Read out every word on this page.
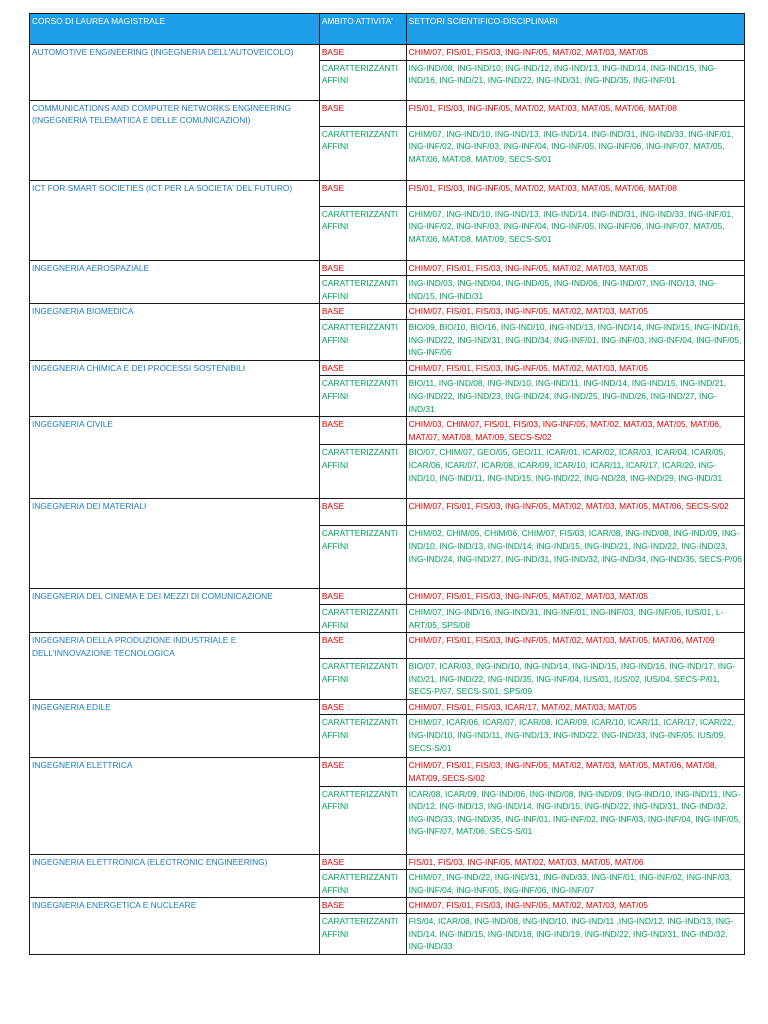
CORSO DI LAUREA MAGISTRALE	AMBITO ATTIVITA'	SETTORI SCIENTIFICO-DISCIPLINARI
AUTOMOTIVE ENGINEERING (INGEGNERIA DELL'AUTOVEICOLO)	BASE	CHIM/07, FIS/01, FIS/03, ING-INF/05, MAT/02, MAT/03, MAT/05
	CARATTERIZZANTI AFFINI	ING-IND/08, ING-IND/10, ING-IND/12, ING-IND/13, ING-IND/14, ING-IND/15, ING-IND/16, ING-IND/21, ING-IND/22, ING-IND/31, ING-IND/35, ING-INF/01
COMMUNICATIONS AND COMPUTER NETWORKS ENGINEERING (INGEGNERIA TELEMATICA E DELLE COMUNICAZIONI)	BASE	FIS/01, FIS/03, ING-INF/05, MAT/02, MAT/03, MAT/05, MAT/06, MAT/08
	CARATTERIZZANTI AFFINI	CHIM/07, ING-IND/10, ING-IND/13, ING-IND/14, ING-IND/31, ING-IND/33, ING-INF/01, ING-INF/02, ING-INF/03, ING-INF/04, ING-INF/05, ING-INF/06, ING-INF/07, MAT/05, MAT/06, MAT/08, MAT/09, SECS-S/01
ICT FOR SMART SOCIETIES (ICT PER LA SOCIETA' DEL FUTURO)	BASE	FIS/01, FIS/03, ING-INF/05, MAT/02, MAT/03, MAT/05, MAT/06, MAT/08
	CARATTERIZZANTI AFFINI	CHIM/07, ING-IND/10, ING-IND/13, ING-IND/14, ING-IND/31, ING-IND/33, ING-INF/01, ING-INF/02, ING-INF/03, ING-INF/04, ING-INF/05, ING-INF/06, ING-INF/07, MAT/05, MAT/06, MAT/08, MAT/09, SECS-S/01
INGEGNERIA AEROSPAZIALE	BASE	CHIM/07, FIS/01, FIS/03, ING-INF/05, MAT/02, MAT/03, MAT/05
	CARATTERIZZANTI AFFINI	ING-IND/03, ING-IND/04, ING-IND/05, ING-IND/06, ING-IND/07, ING-IND/13, ING-IND/15, ING-IND/31
INGEGNERIA BIOMEDICA	BASE	CHIM/07, FIS/01, FIS/03, ING-INF/05, MAT/02, MAT/03, MAT/05
	CARATTERIZZANTI AFFINI	BIO/09, BIO/10, BIO/16, ING-IND/10, ING-IND/13, ING-IND/14, ING-IND/15, ING-IND/16, ING-IND/22, ING-IND/31, ING-IND/34, ING-INF/01, ING-INF/03, ING-INF/04, ING-INF/05, ING-INF/06
INGEGNERIA CHIMICA E DEI PROCESSI SOSTENIBILI	BASE	CHIM/07, FIS/01, FIS/03, ING-INF/05, MAT/02, MAT/03, MAT/05
	CARATTERIZZANTI AFFINI	BIO/11, ING-IND/08, ING-IND/10, ING-IND/11, ING-IND/14, ING-IND/15, ING-IND/21, ING-IND/22, ING-IND/23, ING-IND/24, ING-IND/25, ING-IND/26, ING-IND/27, ING-IND/31
INGEGNERIA CIVILE	BASE	CHIM/03, CHIM/07, FIS/01, FIS/03, ING-INF/05, MAT/02, MAT/03, MAT/05, MAT/06, MAT/07, MAT/08, MAT/09, SECS-S/02
	CARATTERIZZANTI AFFINI	BIO/07, CHIM/07, GEO/05, GEO/11, ICAR/01, ICAR/02, ICAR/03, ICAR/04, ICAR/05, ICAR/06, ICAR/07, ICAR/08, ICAR/09, ICAR/10, ICAR/11, ICAR/17, ICAR/20, ING-IND/10, ING-IND/11, ING-IND/15, ING-IND/22, ING-ND/28, ING-IND/29, ING-IND/31
INGEGNERIA DEI MATERIALI	BASE	CHIM/07, FIS/01, FIS/03, ING-INF/05, MAT/02, MAT/03, MAT/05, MAT/06, SECS-S/02
	CARATTERIZZANTI AFFINI	CHIM/02, CHIM/05, CHIM/06, CHIM/07, FIS/03, ICAR/08, ING-IND/08, ING-IND/09, ING-IND/10, ING-IND/13, ING-IND/14, ING-IND/15, ING-IND/21, ING-IND/22, ING-IND/23, ING-IND/24, ING-IND/27, ING-IND/31, ING-IND/32, ING-IND/34, ING-IND/35, SECS-P/06
INGEGNERIA DEL CINEMA E DEI MEZZI DI COMUNICAZIONE	BASE	CHIM/07, FIS/01, FIS/03, ING-INF/05, MAT/02, MAT/03, MAT/05
	CARATTERIZZANTI AFFINI	CHIM/07, ING-IND/16, ING-IND/31, ING-INF/01, ING-INF/03, ING-INF/05, IUS/01, L-ART/05, SPS/08
INGEGNERIA DELLA PRODUZIONE INDUSTRIALE E DELL'INNOVAZIONE TECNOLOGICA	BASE	CHIM/07, FIS/01, FIS/03, ING-INF/05, MAT/02, MAT/03, MAT/05, MAT/06, MAT/09
	CARATTERIZZANTI AFFINI	BIO/07, ICAR/03, ING-IND/10, ING-IND/14, ING-IND/15, ING-IND/16, ING-IND/17, ING-IND/21, ING-IND/22, ING-IND/35, ING-INF/04, IUS/01, IUS/02, IUS/04, SECS-P/01, SECS-P/07, SECS-S/01, SPS/09
INGEGNERIA EDILE	BASE	CHIM/07, FIS/01, FIS/03, ICAR/17, MAT/02, MAT/03, MAT/05
	CARATTERIZZANTI AFFINI	CHIM/07, ICAR/06, ICAR/07, ICAR/08, ICAR/09, ICAR/10, ICAR/11, ICAR/17, ICAR/22, ING-IND/10, ING-IND/11, ING-IND/13, ING-IND/22, ING-IND/33, ING-INF/05, IUS/09, SECS-S/01
INGEGNERIA ELETTRICA	BASE	CHIM/07, FIS/01, FIS/03, ING-INF/05, MAT/02, MAT/03, MAT/05, MAT/06, MAT/08, MAT/09, SECS-S/02
	CARATTERIZZANTI AFFINI	ICAR/08, ICAR/09, ING-IND/06, ING-IND/08, ING-IND/09, ING-IND/10, ING-IND/11, ING-IND/12, ING-IND/13, ING-IND/14, ING-IND/15, ING-IND/22, ING-IND/31, ING-IND/32, ING-IND/33, ING-IND/35, ING-INF/01, ING-INF/02, ING-INF/03, ING-INF/04, ING-INF/05, ING-INF/07, MAT/06, SECS-S/01
INGEGNERIA ELETTRONICA (ELECTRONIC ENGINEERING)	BASE	FIS/01, FIS/03, ING-INF/05, MAT/02, MAT/03, MAT/05, MAT/06
	CARATTERIZZANTI AFFINI	CHIM/07, ING-IND/22, ING-IND/31, ING-IND/33, ING-INF/01, ING-INF/02, ING-INF/03, ING-INF/04, ING-INF/05, ING-INF/06, ING-INF/07
INGEGNERIA ENERGETICA E NUCLEARE	BASE	CHIM/07, FIS/01, FIS/03, ING-INF/05, MAT/02, MAT/03, MAT/05
	CARATTERIZZANTI AFFINI	FIS/04, ICAR/08, ING-IND/08, ING-IND/10, ING-IND/11 ,ING-IND/12, ING-IND/13, ING-IND/14, ING-IND/15, ING-IND/18, ING-IND/19, ING-IND/22, ING-IND/31, ING-IND/32, ING-IND/33
